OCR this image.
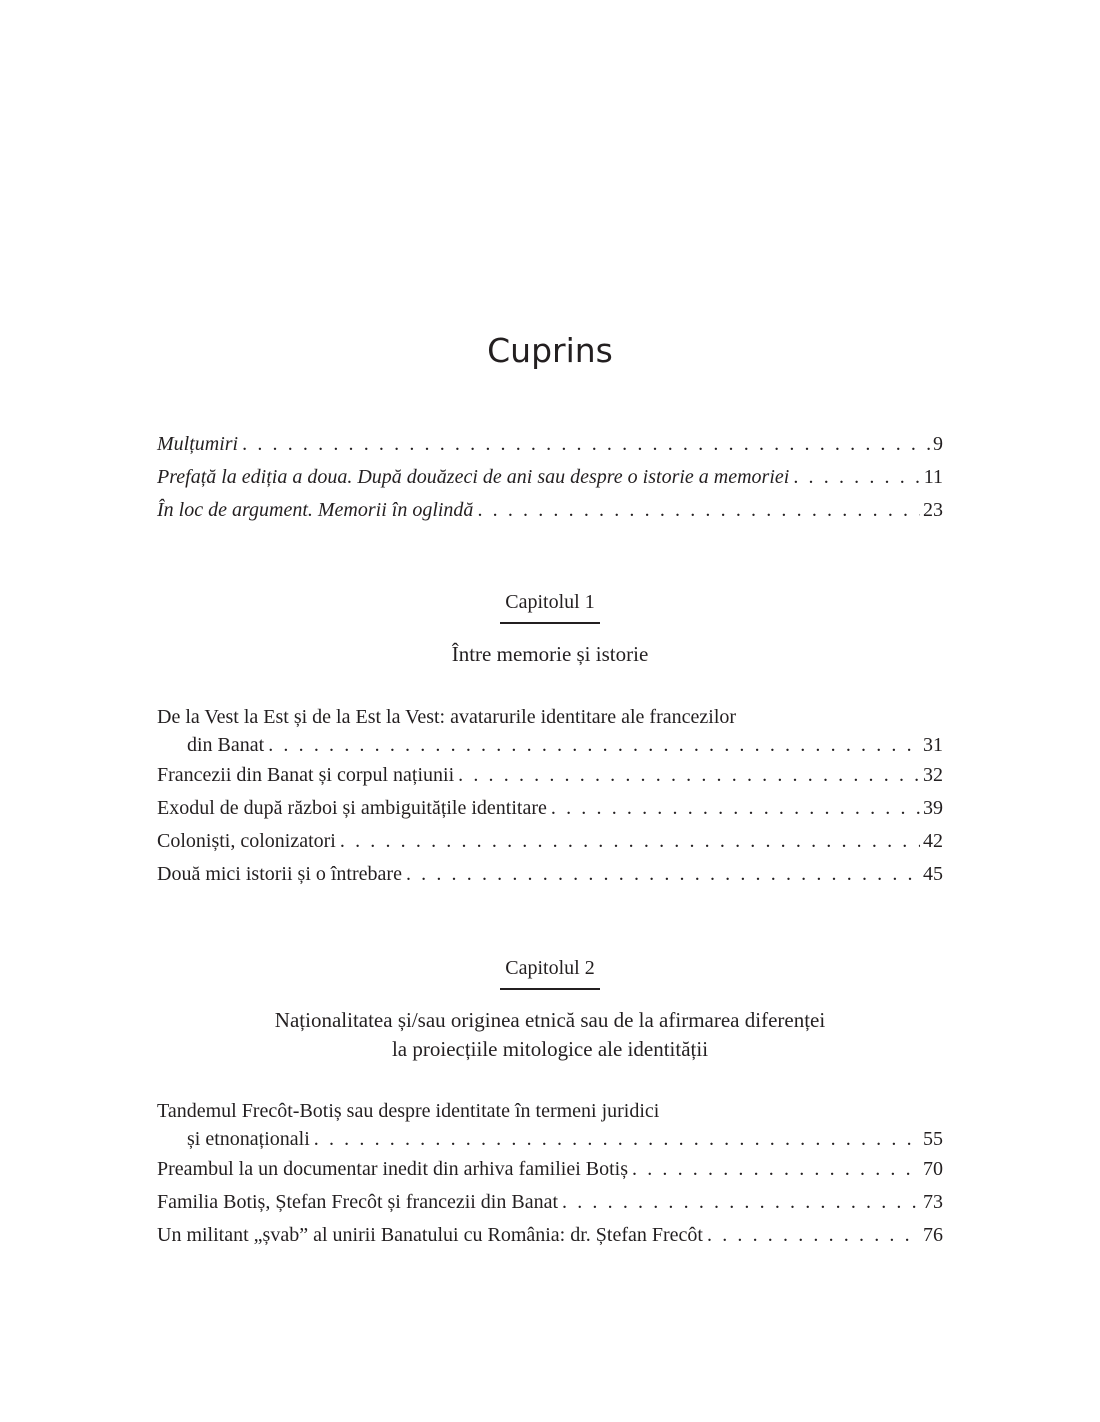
Cuprins
Mulțumiri . . .	9
Prefață la ediția a doua. După douăzeci de ani sau despre o istorie a memoriei . . .	11
În loc de argument. Memorii în oglindă . . .	23
Capitolul 1
Între memorie și istorie
De la Vest la Est și de la Est la Vest: avatarurile identitare ale francezilor
din Banat . . .	31
Francezii din Banat și corpul națiunii . . .	32
Exodul de după război și ambiguitățile identitare . . .	39
Coloniști, colonizatori . . .	42
Două mici istorii și o întrebare . . .	45
Capitolul 2
Naționalitatea și/sau originea etnică sau de la afirmarea diferenței
la proiecțiile mitologice ale identității
Tandemul Frecôt-Botiș sau despre identitate în termeni juridici
și etnonaționali . . .	55
Preambul la un documentar inedit din arhiva familiei Botiș . . .	70
Familia Botiș, Ștefan Frecôt și francezii din Banat . . .	73
Un militant „șvab” al unirii Banatului cu România: dr. Ștefan Frecôt . . .	76
